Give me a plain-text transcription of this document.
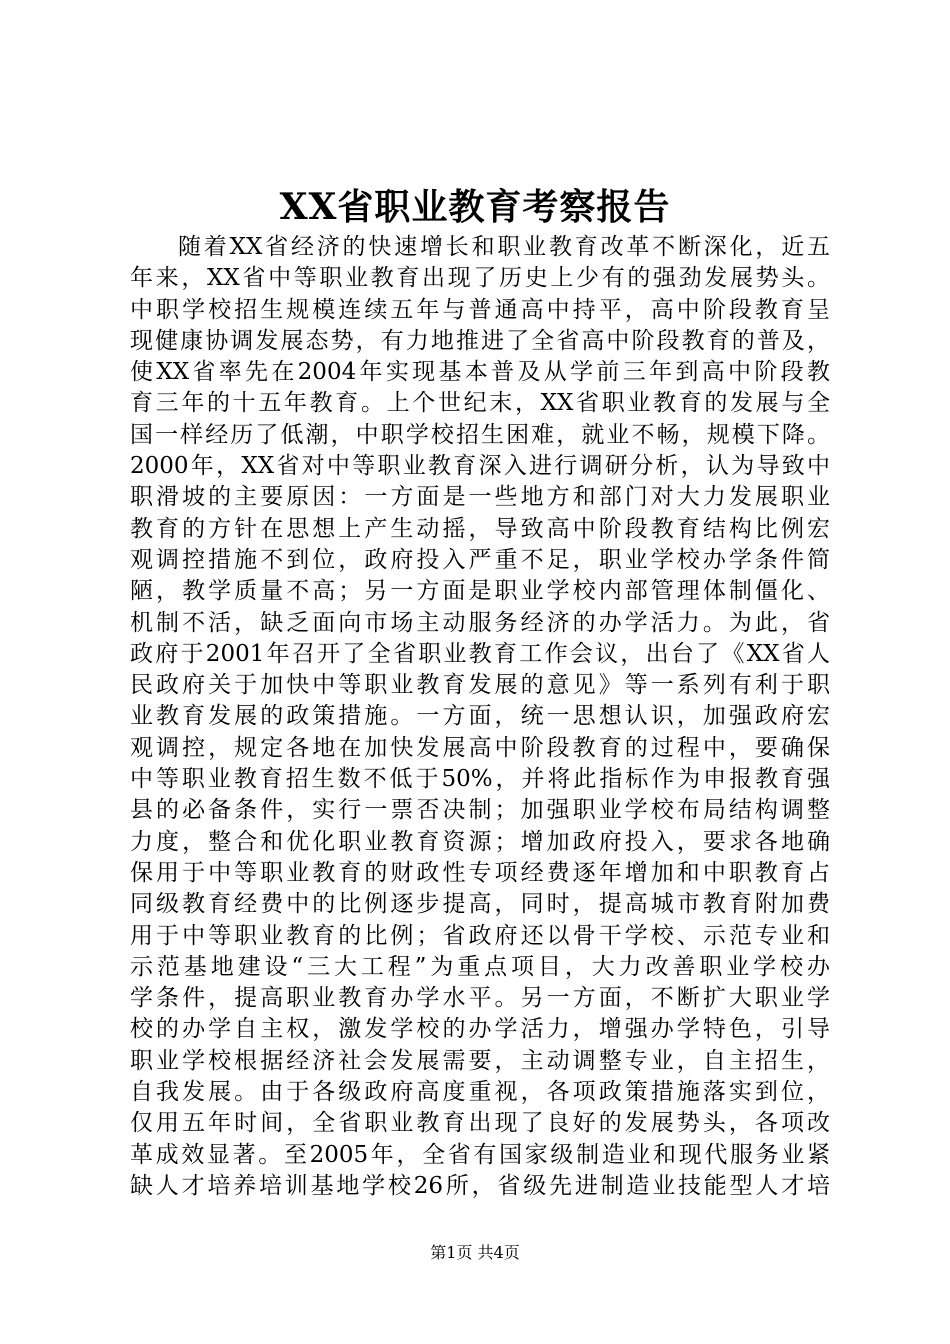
XX省职业教育考察报告
随着XX省经济的快速增长和职业教育改革不断深化，近五
年来，XX省中等职业教育出现了历史上少有的强劲发展势头。
中职学校招生规模连续五年与普通高中持平，高中阶段教育呈
现健康协调发展态势，有力地推进了全省高中阶段教育的普及，
使XX省率先在2004年实现基本普及从学前三年到高中阶段教
育三年的十五年教育。上个世纪末，XX省职业教育的发展与全
国一样经历了低潮，中职学校招生困难，就业不畅，规模下降。
2000年，XX省对中等职业教育深入进行调研分析，认为导致中
职滑坡的主要原因：一方面是一些地方和部门对大力发展职业
教育的方针在思想上产生动摇，导致高中阶段教育结构比例宏
观调控措施不到位，政府投入严重不足，职业学校办学条件简
陋，教学质量不高；另一方面是职业学校内部管理体制僵化、
机制不活，缺乏面向市场主动服务经济的办学活力。为此，省
政府于2001年召开了全省职业教育工作会议，出台了《XX省人
民政府关于加快中等职业教育发展的意见》等一系列有利于职
业教育发展的政策措施。一方面，统一思想认识，加强政府宏
观调控，规定各地在加快发展高中阶段教育的过程中，要确保
中等职业教育招生数不低于50%，并将此指标作为申报教育强
县的必备条件，实行一票否决制；加强职业学校布局结构调整
力度，整合和优化职业教育资源；增加政府投入，要求各地确
保用于中等职业教育的财政性专项经费逐年增加和中职教育占
同级教育经费中的比例逐步提高，同时，提高城市教育附加费
用于中等职业教育的比例；省政府还以骨干学校、示范专业和
示范基地建设“三大工程”为重点项目，大力改善职业学校办
学条件，提高职业教育办学水平。另一方面，不断扩大职业学
校的办学自主权，激发学校的办学活力，增强办学特色，引导
职业学校根据经济社会发展需要，主动调整专业，自主招生，
自我发展。由于各级政府高度重视，各项政策措施落实到位，
仅用五年时间，全省职业教育出现了良好的发展势头，各项改
革成效显著。至2005年，全省有国家级制造业和现代服务业紧
缺人才培养培训基地学校26所，省级先进制造业技能型人才培
第1页 共4页
